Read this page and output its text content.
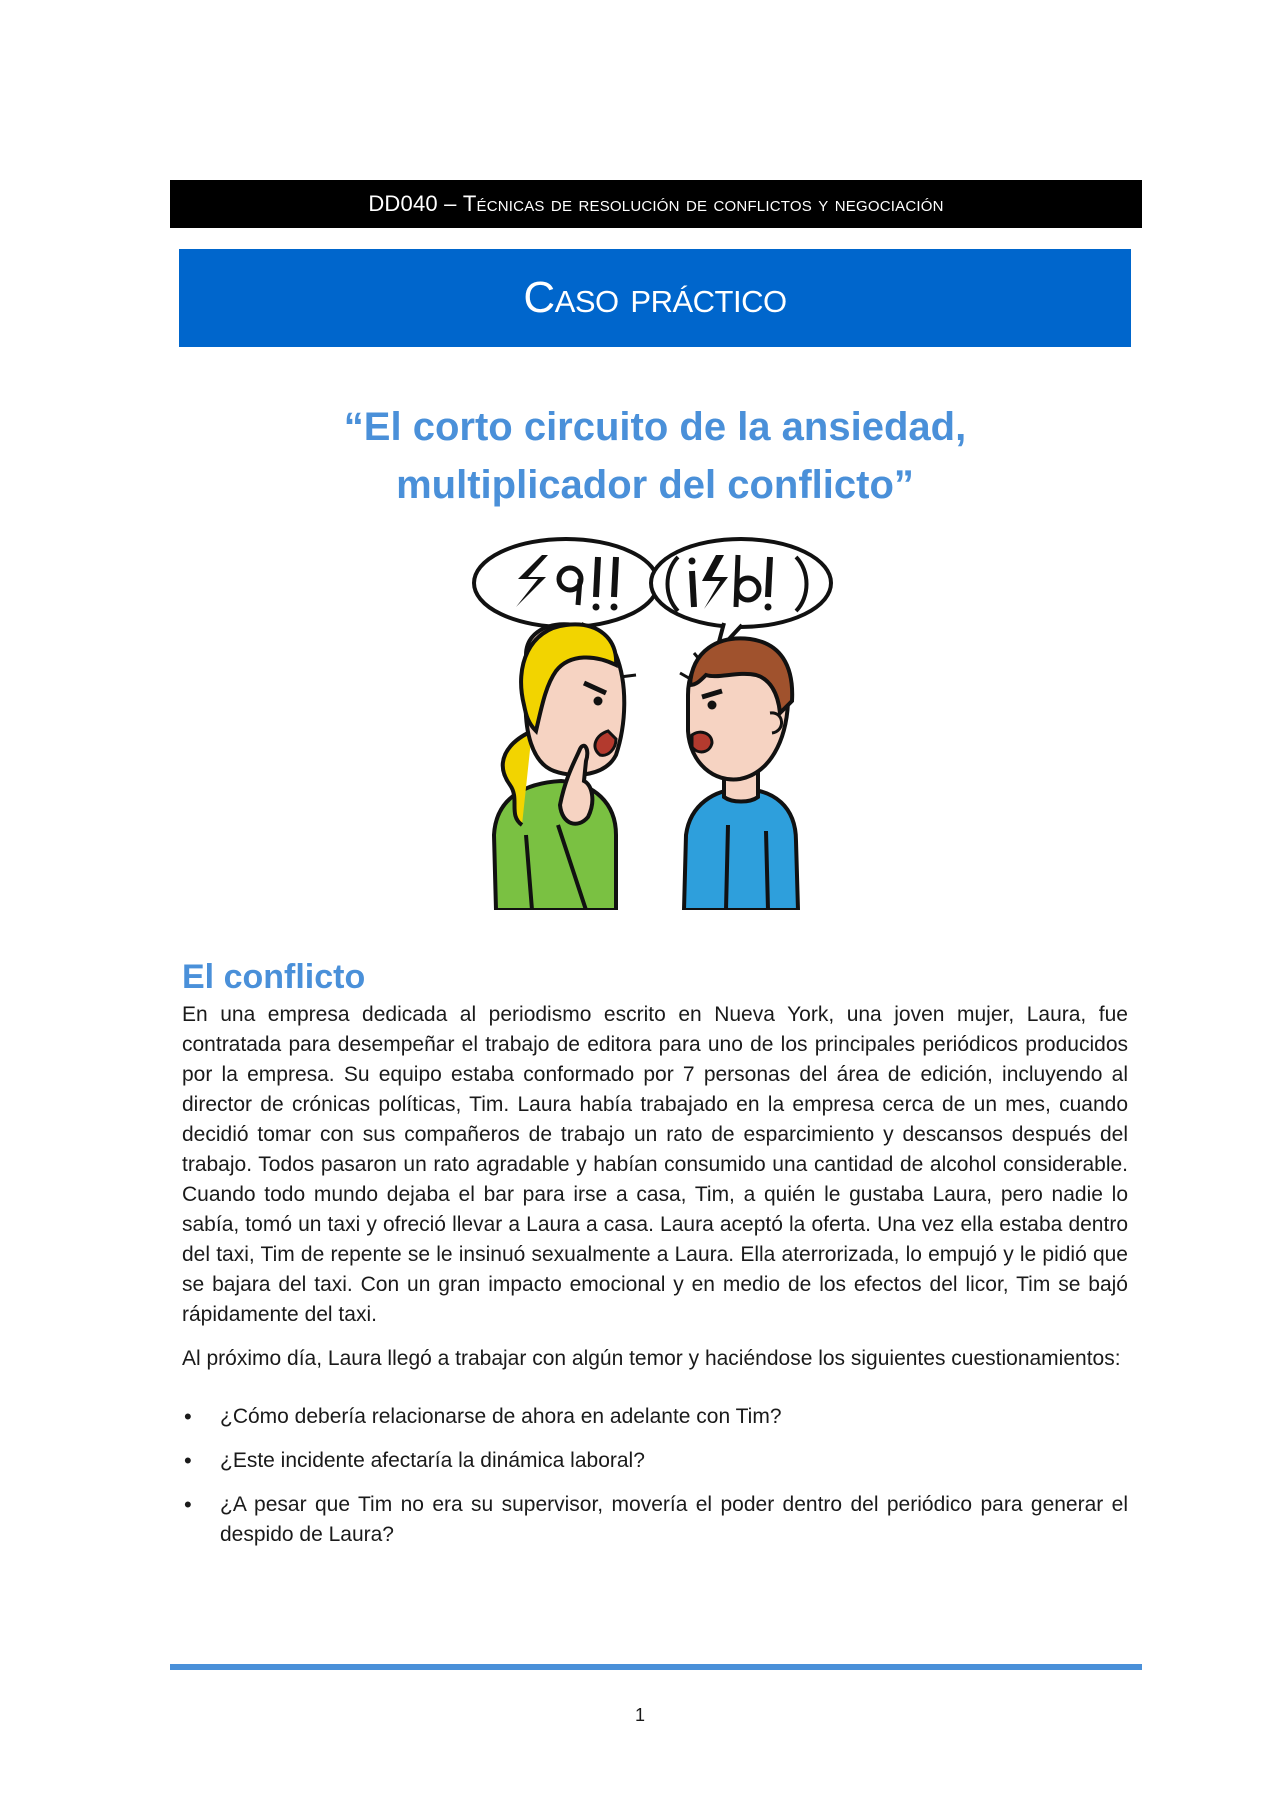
DD040 – Técnicas de resolución de conflictos y negociación
Caso práctico
“El corto circuito de la ansiedad,
multiplicador del conflicto”
El conflicto

En una empresa dedicada al periodismo escrito en Nueva York, una joven mujer, Laura, fue contratada para desempeñar el trabajo de editora para uno de los principales periódicos producidos por la empresa. Su equipo estaba conformado por 7 personas del área de edición, incluyendo al director de crónicas políticas, Tim. Laura había trabajado en la empresa cerca de un mes, cuando decidió tomar con sus compañeros de trabajo un rato de esparcimiento y descansos después del trabajo. Todos pasaron un rato agradable y habían consumido una cantidad de alcohol considerable. Cuando todo mundo dejaba el bar para irse a casa, Tim, a quién le gustaba Laura, pero nadie lo sabía, tomó un taxi y ofreció llevar a Laura a casa. Laura aceptó la oferta. Una vez ella estaba dentro del taxi, Tim de repente se le insinuó sexualmente a Laura. Ella aterrorizada, lo empujó y le pidió que se bajara del taxi. Con un gran impacto emocional y en medio de los efectos del licor, Tim se bajó rápidamente del taxi.

Al próximo día, Laura llegó a trabajar con algún temor y haciéndose los siguientes cuestionamientos:

• ¿Cómo debería relacionarse de ahora en adelante con Tim?
• ¿Este incidente afectaría la dinámica laboral?
• ¿A pesar que Tim no era su supervisor, movería el poder dentro del periódico para generar el despido de Laura?
1
